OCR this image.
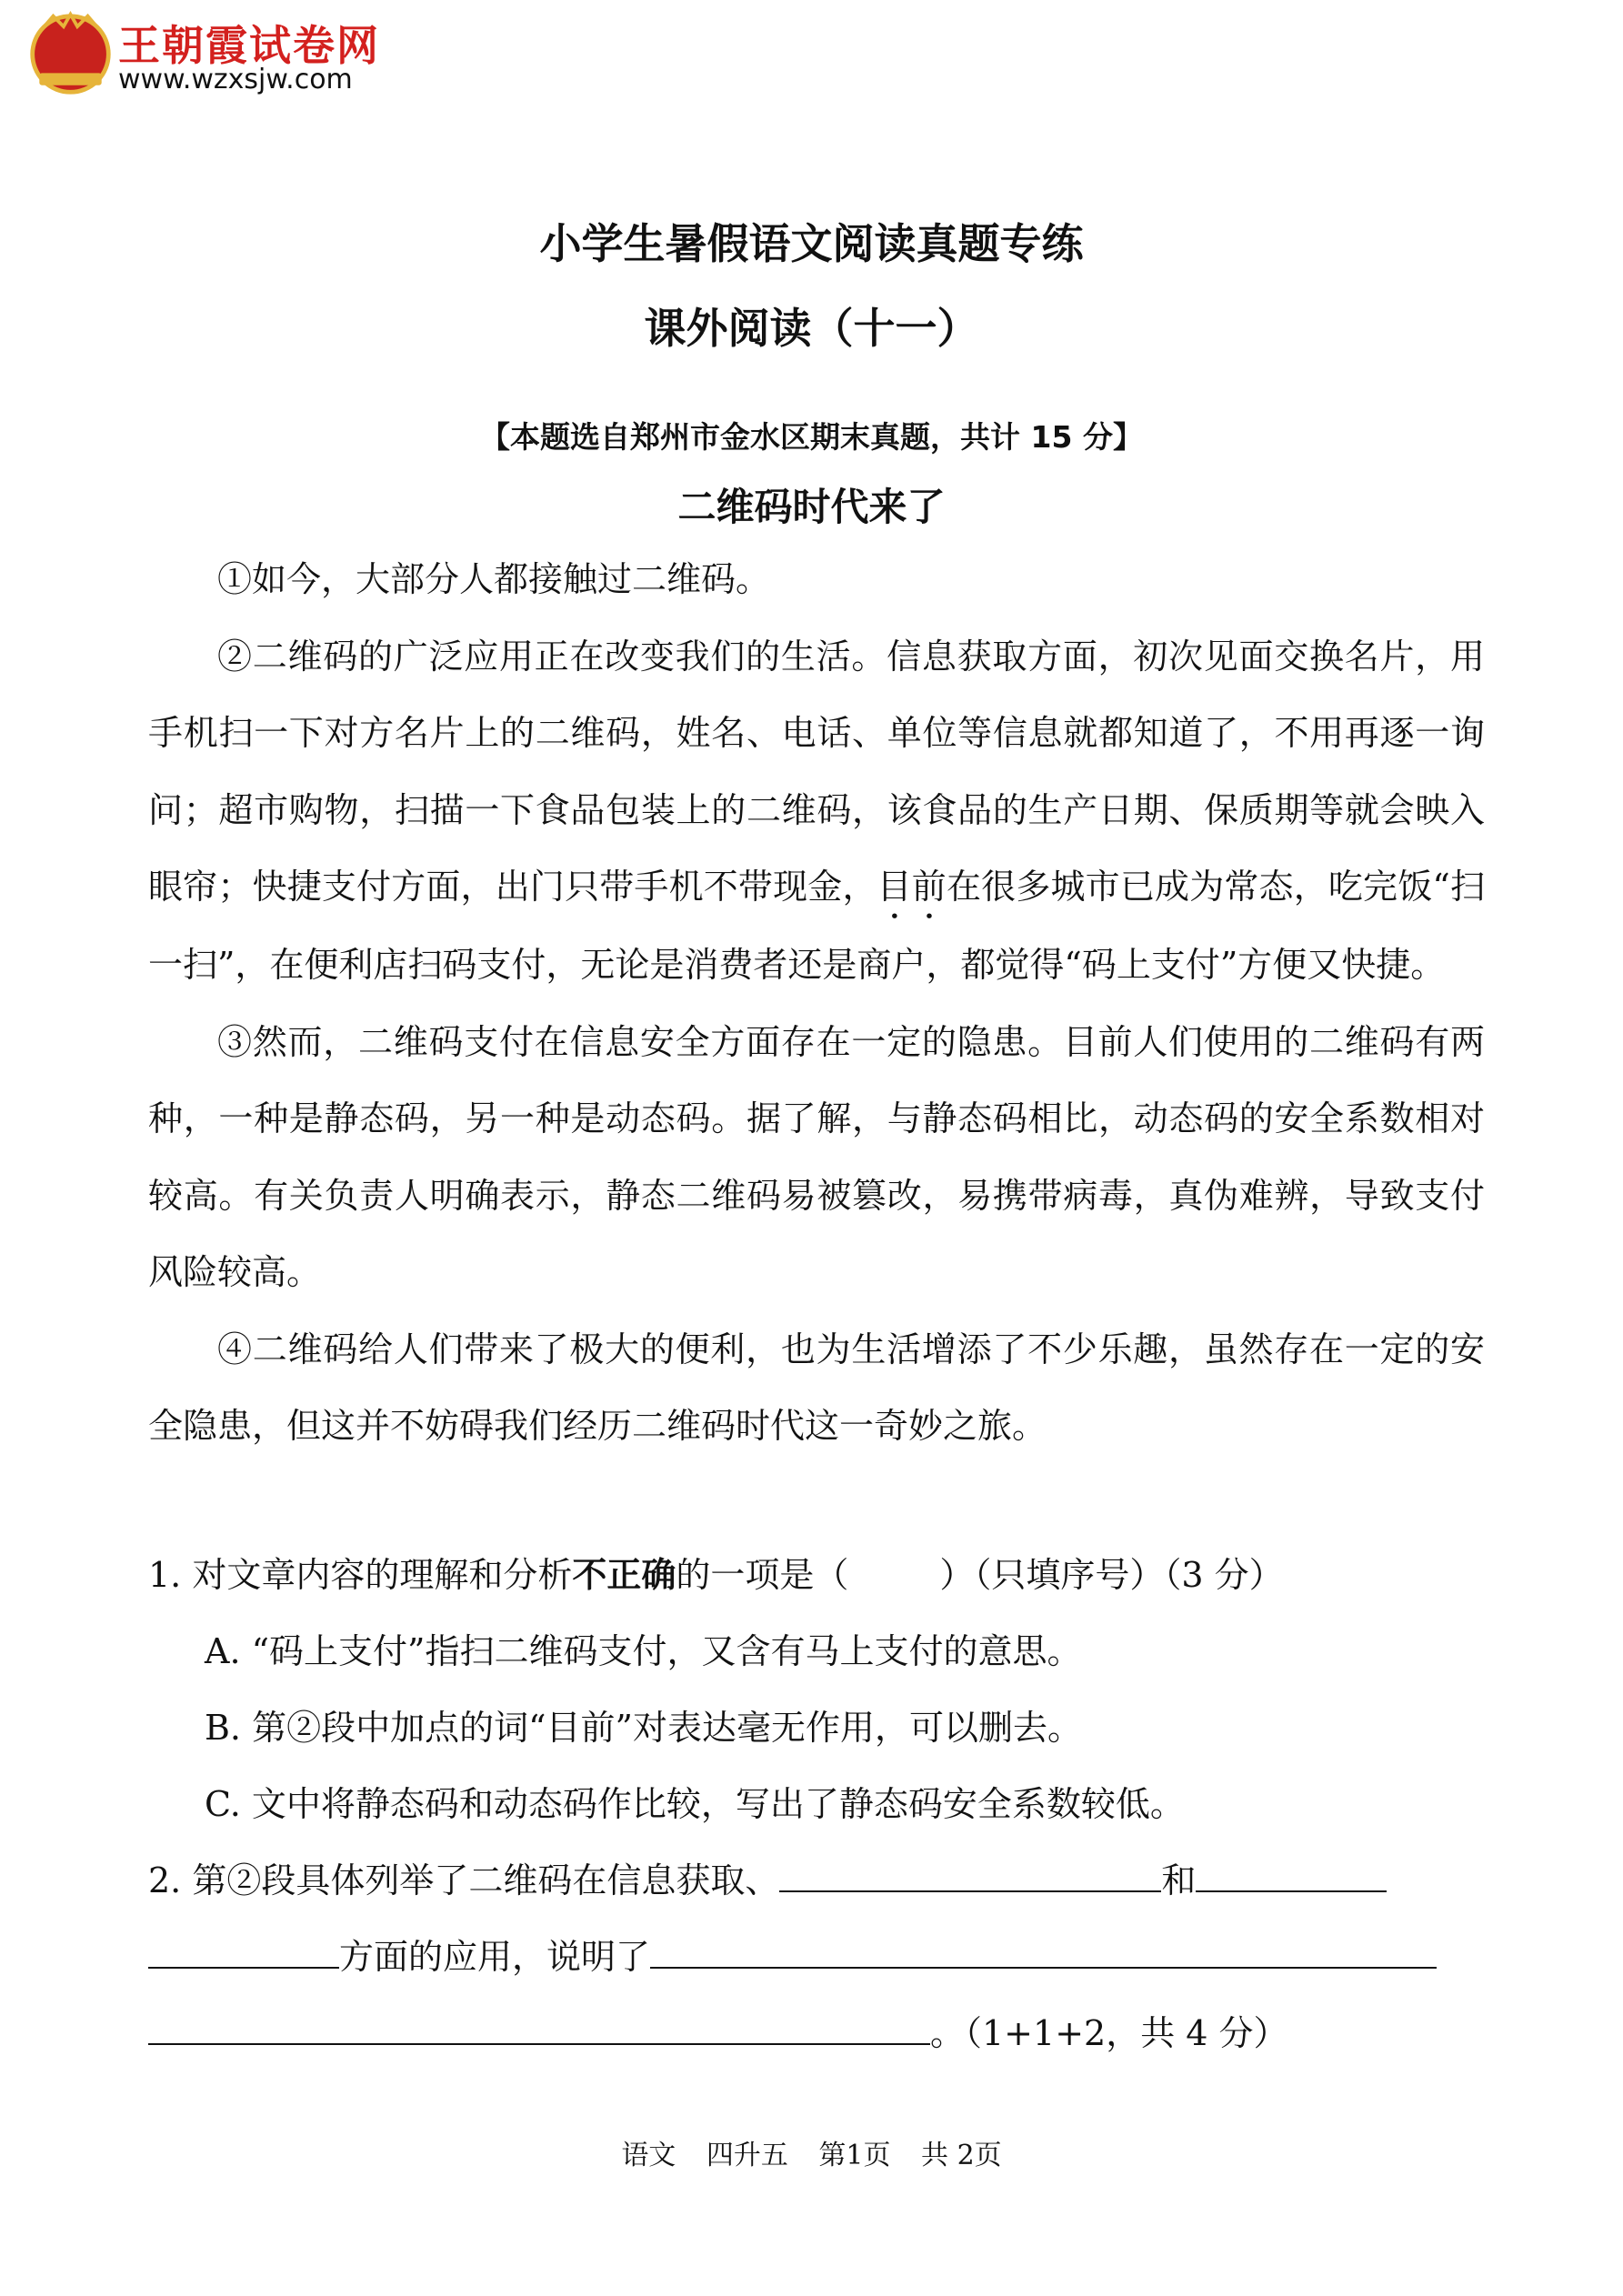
王朝霞试卷网
www.wzxsjw.com
小学生暑假语文阅读真题专练
课外阅读（十一）
【本题选自郑州市金水区期末真题，共计 15 分】
二维码时代来了

①如今，大部分人都接触过二维码。

②二维码的广泛应用正在改变我们的生活。信息获取方面，初次见面交换名片，用手机扫一下对方名片上的二维码，姓名、电话、单位等信息就都知道了，不用再逐一询问；超市购物，扫描一下食品包装上的二维码，该食品的生产日期、保质期等就会映入眼帘；快捷支付方面，出门只带手机不带现金，目前在很多城市已成为常态，吃完饭“扫一扫”，在便利店扫码支付，无论是消费者还是商户，都觉得“码上支付”方便又快捷。

③然而，二维码支付在信息安全方面存在一定的隐患。目前人们使用的二维码有两种，一种是静态码，另一种是动态码。据了解，与静态码相比，动态码的安全系数相对较高。有关负责人明确表示，静态二维码易被篡改，易携带病毒，真伪难辨，导致支付风险较高。

④二维码给人们带来了极大的便利，也为生活增添了不少乐趣，虽然存在一定的安全隐患，但这并不妨碍我们经历二维码时代这一奇妙之旅。

1. 对文章内容的理解和分析不正确的一项是（	）（只填序号）（3 分）

A. “码上支付”指扫二维码支付，又含有马上支付的意思。

B. 第②段中加点的词“目前”对表达毫无作用，可以删去。

C. 文中将静态码和动态码作比较，写出了静态码安全系数较低。

2. 第②段具体列举了二维码在信息获取、	和

方面的应用，说明了

。（1+1+2，共 4 分）

语文 四升五 第1页 共 2页
